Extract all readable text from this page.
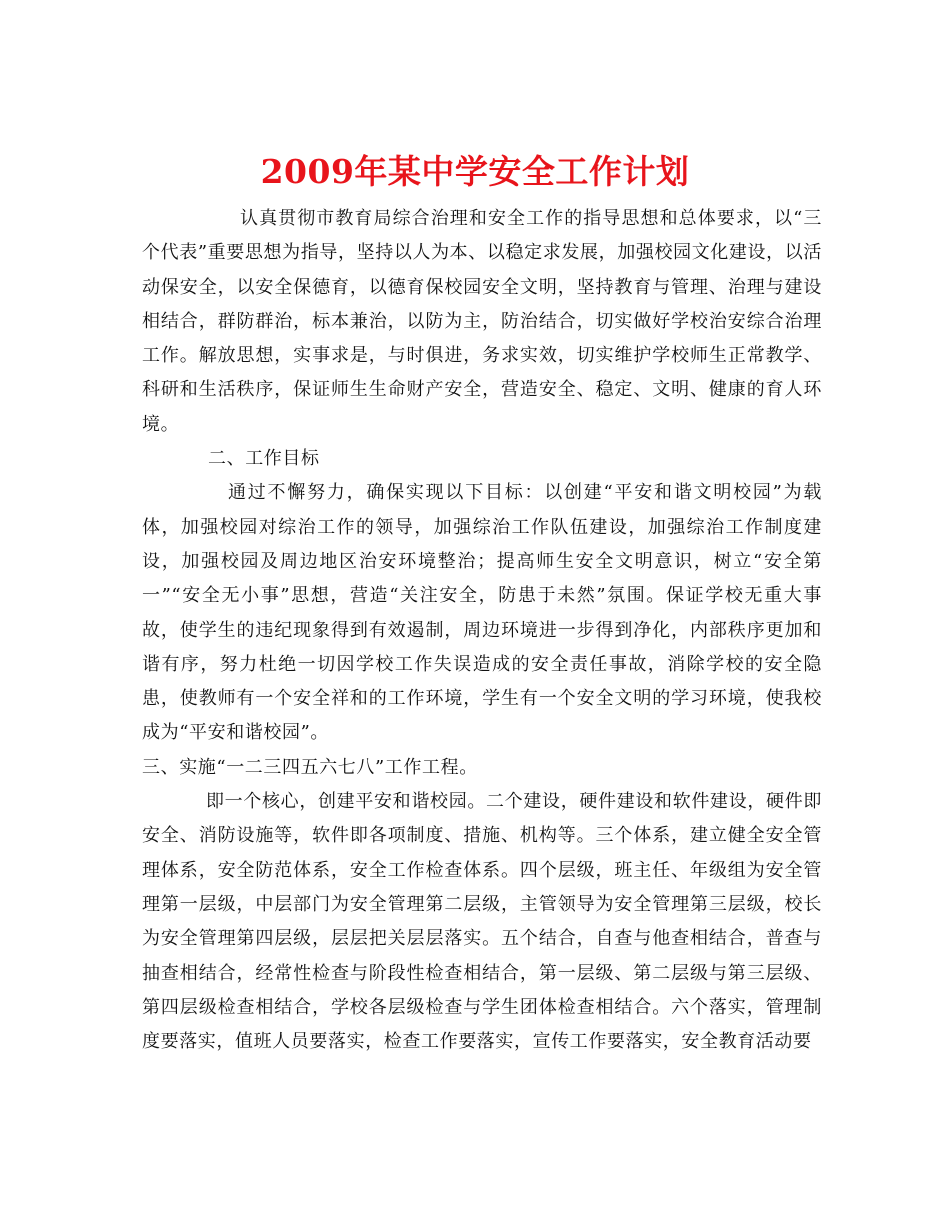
2009年某中学安全工作计划

认真贯彻市教育局综合治理和安全工作的指导思想和总体要求，以“三个代表”重要思想为指导，坚持以人为本、以稳定求发展，加强校园文化建设，以活动保安全，以安全保德育，以德育保校园安全文明，坚持教育与管理、治理与建设相结合，群防群治，标本兼治，以防为主，防治结合，切实做好学校治安综合治理工作。解放思想，实事求是，与时俱进，务求实效，切实维护学校师生正常教学、科研和生活秩序，保证师生生命财产安全，营造安全、稳定、文明、健康的育人环境。

二、工作目标

通过不懈努力，确保实现以下目标：以创建“平安和谐文明校园”为载体，加强校园对综治工作的领导，加强综治工作队伍建设，加强综治工作制度建设，加强校园及周边地区治安环境整治；提高师生安全文明意识，树立“安全第一”“安全无小事”思想，营造“关注安全，防患于未然”氛围。保证学校无重大事故，使学生的违纪现象得到有效遏制，周边环境进一步得到净化，内部秩序更加和谐有序，努力杜绝一切因学校工作失误造成的安全责任事故，消除学校的安全隐患，使教师有一个安全祥和的工作环境，学生有一个安全文明的学习环境，使我校成为“平安和谐校园”。

三、实施“一二三四五六七八”工作工程。

即一个核心，创建平安和谐校园。二个建设，硬件建设和软件建设，硬件即安全、消防设施等，软件即各项制度、措施、机构等。三个体系，建立健全安全管理体系，安全防范体系，安全工作检查体系。四个层级，班主任、年级组为安全管理第一层级，中层部门为安全管理第二层级，主管领导为安全管理第三层级，校长为安全管理第四层级，层层把关层层落实。五个结合，自查与他查相结合，普查与抽查相结合，经常性检查与阶段性检查相结合，第一层级、第二层级与第三层级、第四层级检查相结合，学校各层级检查与学生团体检查相结合。六个落实，管理制度要落实，值班人员要落实，检查工作要落实，宣传工作要落实，安全教育活动要
